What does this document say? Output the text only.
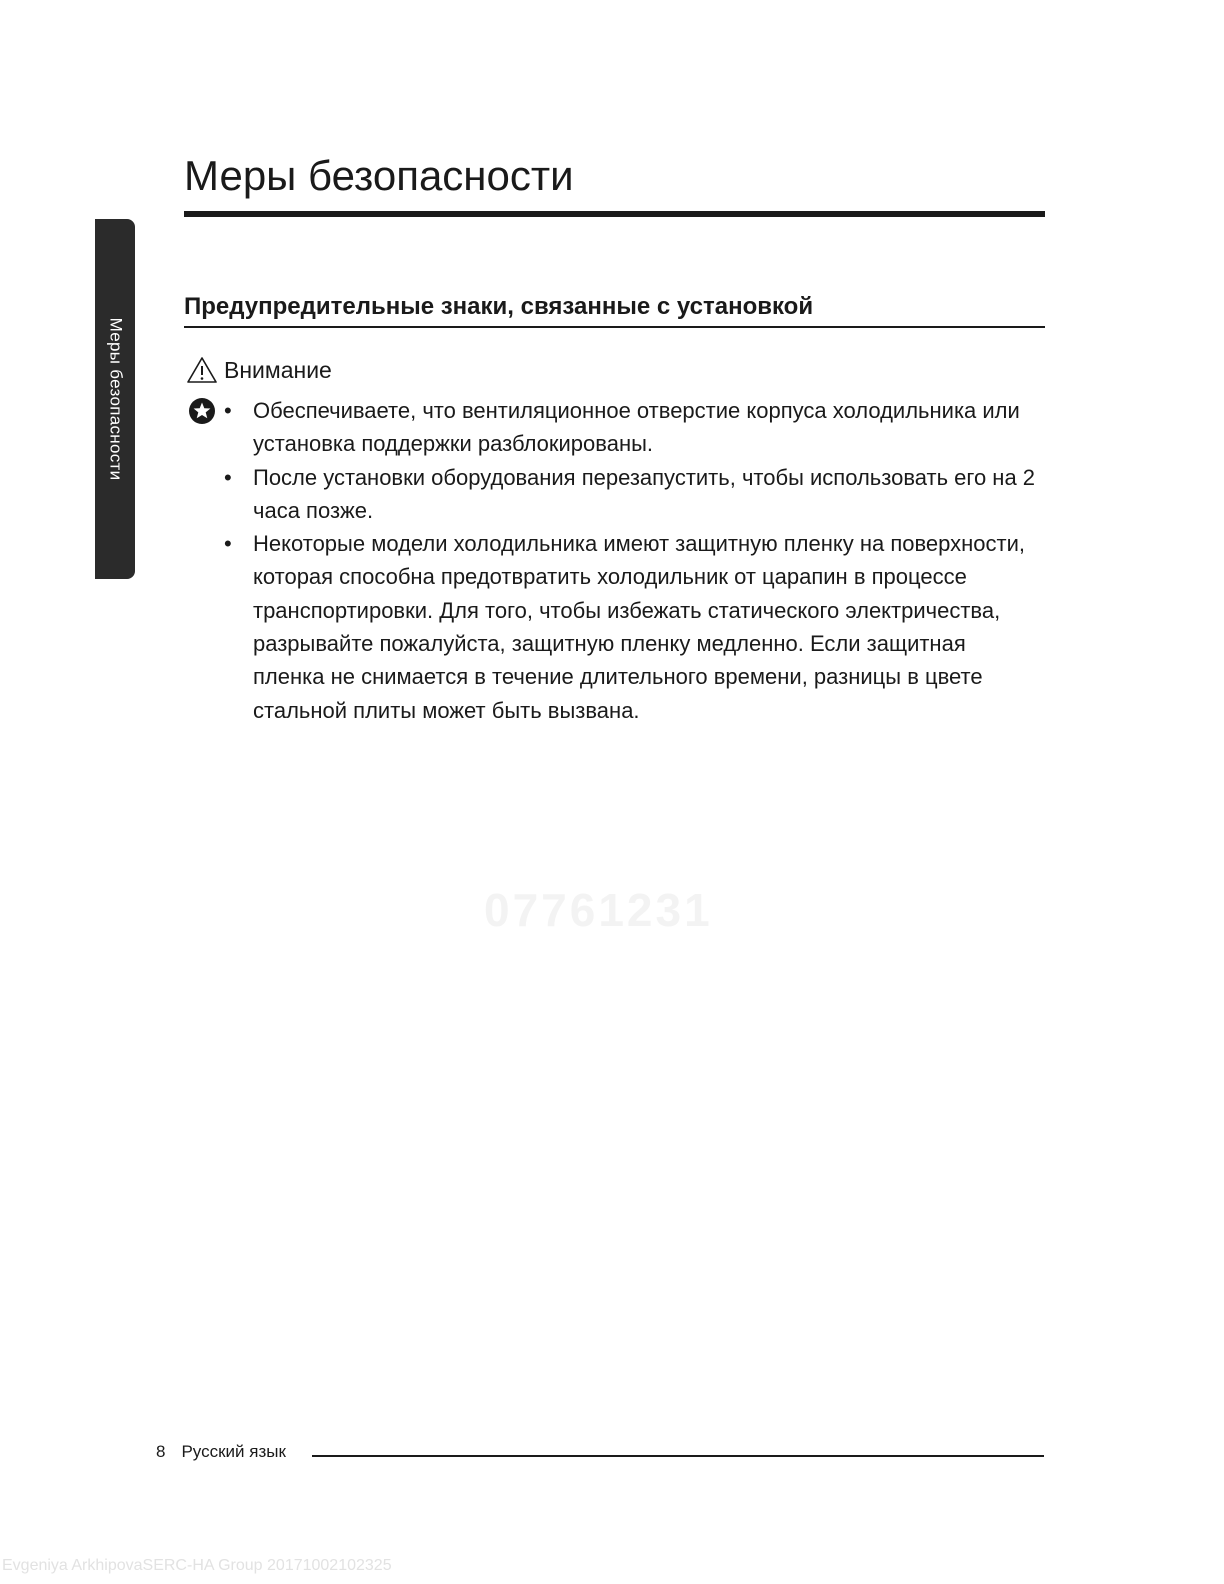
Меры безопасности
Меры безопасности
Предупредительные знаки, связанные с установкой
Внимание
• Обеспечиваете, что вентиляционное отверстие корпуса холодильника или установка поддержки разблокированы.
• После установки оборудования перезапустить, чтобы использовать его на 2 часа позже.
• Некоторые модели холодильника имеют защитную пленку на поверхности, которая способна предотвратить холодильник от царапин в процессе транспортировки. Для того, чтобы избежать статического электричества, разрывайте пожалуйста, защитную пленку медленно. Если защитная пленка не снимается в течение длительного времени, разницы в цвете стальной плиты может быть вызвана.
07761231
8 Русский язык
Evgeniya ArkhipovaSERC-HA Group 20171002102325
